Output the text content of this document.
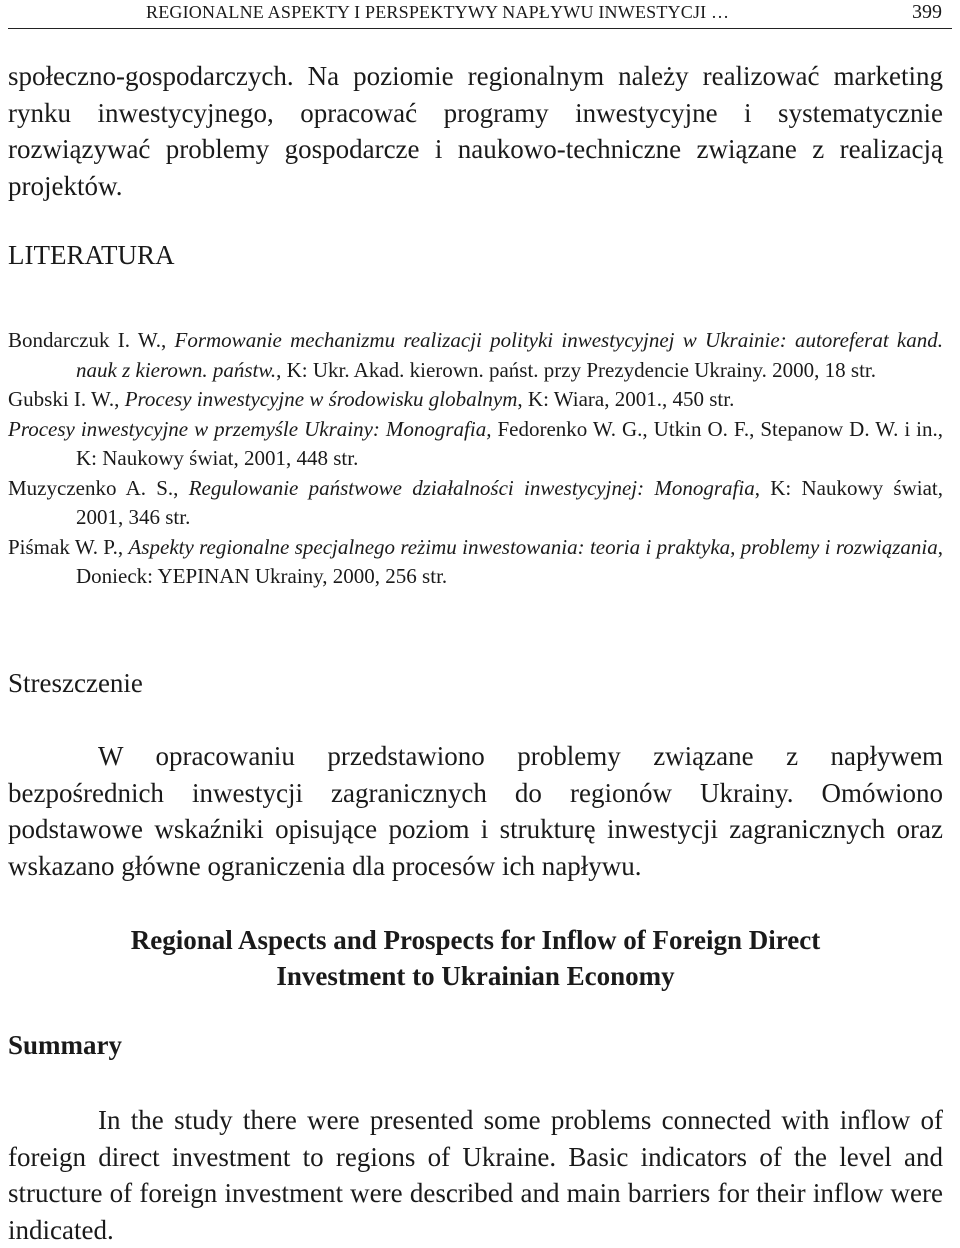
REGIONALNE ASPEKTY I PERSPEKTYWY NAPŁYWU INWESTYCJI …	399

społeczno-gospodarczych. Na poziomie regionalnym należy realizować marketing rynku inwestycyjnego, opracować programy inwestycyjne i systematycznie rozwiązywać problemy gospodarcze i naukowo-techniczne związane z realizacją projektów.

LITERATURA
Bondarczuk I. W., Formowanie mechanizmu realizacji polityki inwestycyjnej w Ukrainie: autoreferat kand. nauk z kierown. państw., K: Ukr. Akad. kierown. państ. przy Prezydencie Ukrainy. 2000, 18 str.
Gubski I. W., Procesy inwestycyjne w środowisku globalnym, K: Wiara, 2001., 450 str.
Procesy inwestycyjne w przemyśle Ukrainy: Monografia, Fedorenko W. G., Utkin O. F., Stepanow D. W. i in., K: Naukowy świat, 2001, 448 str.
Muzyczenko A. S., Regulowanie państwowe działalności inwestycyjnej: Monografia, K: Naukowy świat, 2001, 346 str.
Piśmak W. P., Aspekty regionalne specjalnego reżimu inwestowania: teoria i praktyka, problemy i rozwiązania, Donieck: YEPINAN Ukrainy, 2000, 256 str.
Streszczenie

W opracowaniu przedstawiono problemy związane z napływem bezpośrednich inwestycji zagranicznych do regionów Ukrainy. Omówiono podstawowe wskaźniki opisujące poziom i strukturę inwestycji zagranicznych oraz wskazano główne ograniczenia dla procesów ich napływu.

Regional Aspects and Prospects for Inflow of Foreign Direct
Investment to Ukrainian Economy
Summary

In the study there were presented some problems connected with inflow of foreign direct investment to regions of Ukraine. Basic indicators of the level and structure of foreign investment were described and main barriers for their inflow were indicated.
